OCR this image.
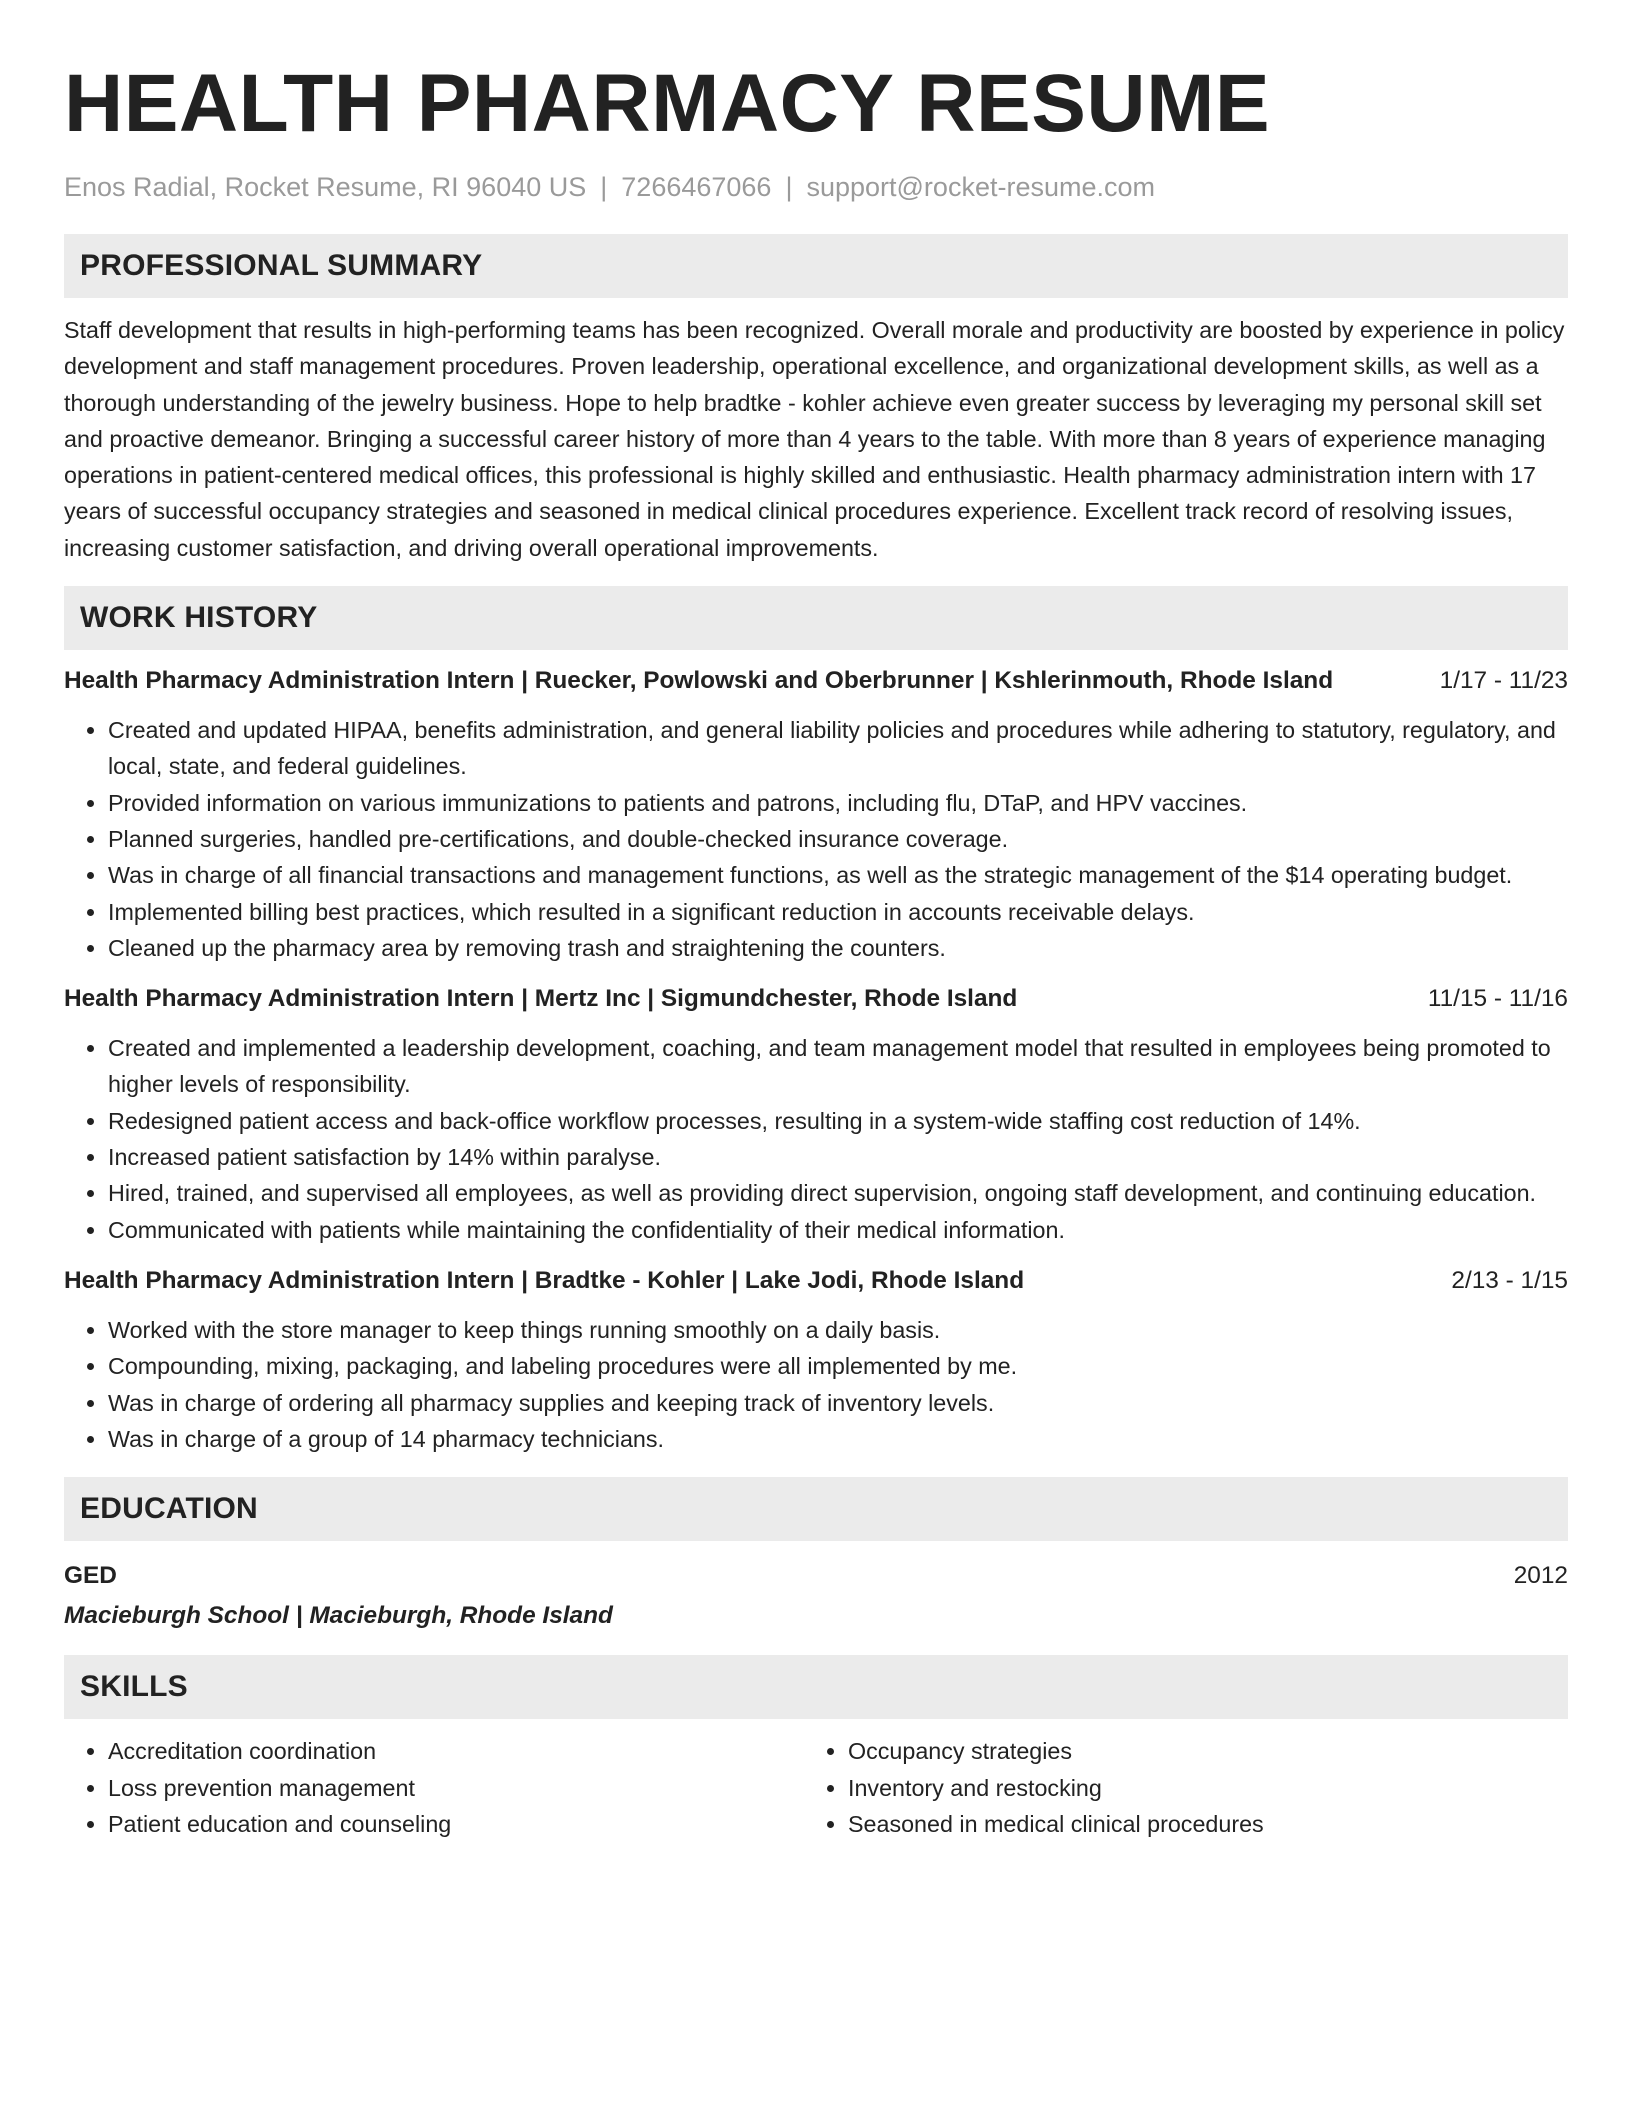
HEALTH PHARMACY RESUME
Enos Radial, Rocket Resume, RI 96040 US | 7266467066 | support@rocket-resume.com
PROFESSIONAL SUMMARY

Staff development that results in high-performing teams has been recognized. Overall morale and productivity are boosted by experience in policy development and staff management procedures. Proven leadership, operational excellence, and organizational development skills, as well as a thorough understanding of the jewelry business. Hope to help bradtke - kohler achieve even greater success by leveraging my personal skill set and proactive demeanor. Bringing a successful career history of more than 4 years to the table. With more than 8 years of experience managing operations in patient-centered medical offices, this professional is highly skilled and enthusiastic. Health pharmacy administration intern with 17 years of successful occupancy strategies and seasoned in medical clinical procedures experience. Excellent track record of resolving issues, increasing customer satisfaction, and driving overall operational improvements.

WORK HISTORY
Health Pharmacy Administration Intern | Ruecker, Powlowski and Oberbrunner | Kshlerinmouth, Rhode Island	1/17 - 11/23
• Created and updated HIPAA, benefits administration, and general liability policies and procedures while adhering to statutory, regulatory, and local, state, and federal guidelines.
• Provided information on various immunizations to patients and patrons, including flu, DTaP, and HPV vaccines.
• Planned surgeries, handled pre-certifications, and double-checked insurance coverage.
• Was in charge of all financial transactions and management functions, as well as the strategic management of the $14 operating budget.
• Implemented billing best practices, which resulted in a significant reduction in accounts receivable delays.
• Cleaned up the pharmacy area by removing trash and straightening the counters.
Health Pharmacy Administration Intern | Mertz Inc | Sigmundchester, Rhode Island	11/15 - 11/16
• Created and implemented a leadership development, coaching, and team management model that resulted in employees being promoted to higher levels of responsibility.
• Redesigned patient access and back-office workflow processes, resulting in a system-wide staffing cost reduction of 14%.
• Increased patient satisfaction by 14% within paralyse.
• Hired, trained, and supervised all employees, as well as providing direct supervision, ongoing staff development, and continuing education.
• Communicated with patients while maintaining the confidentiality of their medical information.
Health Pharmacy Administration Intern | Bradtke - Kohler | Lake Jodi, Rhode Island	2/13 - 1/15
• Worked with the store manager to keep things running smoothly on a daily basis.
• Compounding, mixing, packaging, and labeling procedures were all implemented by me.
• Was in charge of ordering all pharmacy supplies and keeping track of inventory levels.
• Was in charge of a group of 14 pharmacy technicians.
EDUCATION
GED	2012
Macieburgh School | Macieburgh, Rhode Island
SKILLS
• Accreditation coordination
• Loss prevention management
• Patient education and counseling
• Occupancy strategies
• Inventory and restocking
• Seasoned in medical clinical procedures
